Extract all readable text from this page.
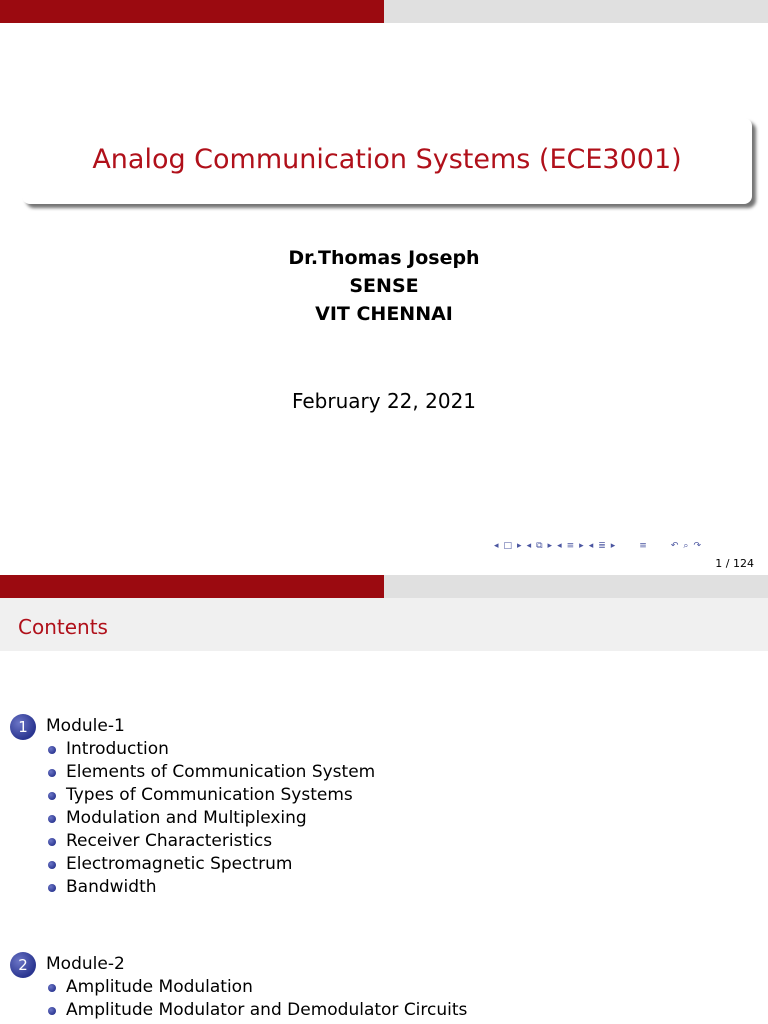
Analog Communication Systems (ECE3001)
Dr.Thomas Joseph
SENSE
VIT CHENNAI
February 22, 2021
◂ □ ▸ ◂ ⧉ ▸ ◂ ≡ ▸ ◂ ≣ ▸	≡	↶ ⌕ ↷
1 / 124
Contents
1	Module-1
Introduction
Elements of Communication System
Types of Communication Systems
Modulation and Multiplexing
Receiver Characteristics
Electromagnetic Spectrum
Bandwidth
2	Module-2
Amplitude Modulation
Amplitude Modulator and Demodulator Circuits
